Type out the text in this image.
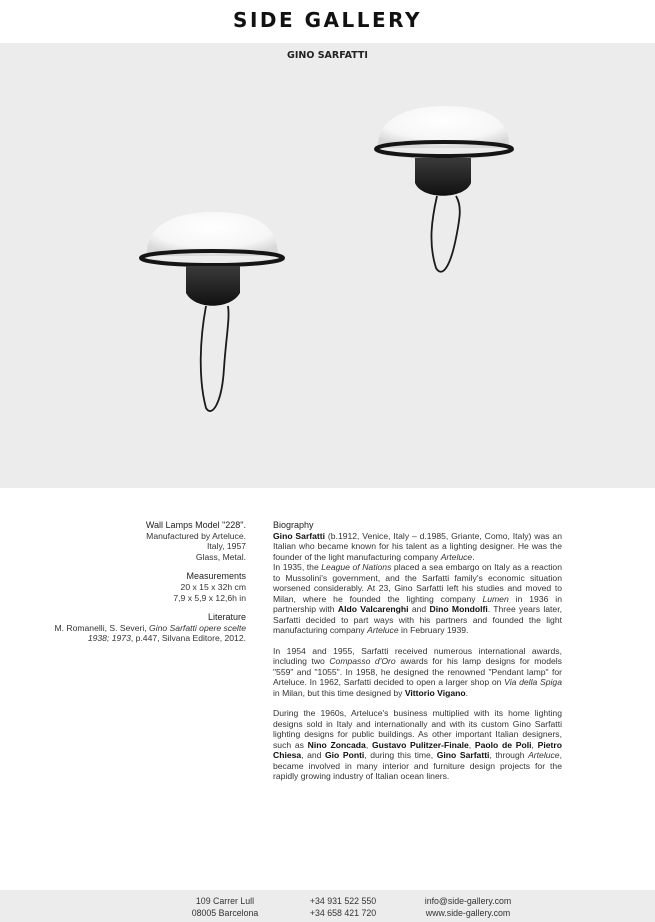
SIDE GALLERY
GINO SARFATTI
Wall Lamps Model "228".
Manufactured by Arteluce.
Italy, 1957
Glass, Metal.
Measurements
20 x 15 x 32h cm
7,9 x 5,9 x 12,6h in
Literature
M. Romanelli, S. Severi, Gino Sarfatti opere scelte 1938; 1973, p.447, Silvana Editore, 2012.
Biography

Gino Sarfatti (b.1912, Venice, Italy – d.1985, Griante, Como, Italy) was an Italian who became known for his talent as a lighting designer. He was the founder of the light manufacturing company Arteluce.

In 1935, the League of Nations placed a sea embargo on Italy as a reaction to Mussolini's government, and the Sarfatti family's economic situation worsened considerably. At 23, Gino Sarfatti left his studies and moved to Milan, where he founded the lighting company Lumen in 1936 in partnership with Aldo Valcarenghi and Dino Mondolfi. Three years later, Sarfatti decided to part ways with his partners and founded the light manufacturing company Arteluce in February 1939.

In 1954 and 1955, Sarfatti received numerous international awards, including two Compasso d'Oro awards for his lamp designs for models "559" and "1055". In 1958, he designed the renowned "Pendant lamp" for Arteluce. In 1962, Sarfatti decided to open a larger shop on Via della Spiga in Milan, but this time designed by Vittorio Vigano.

During the 1960s, Arteluce's business multiplied with its home lighting designs sold in Italy and internationally and with its custom Gino Sarfatti lighting designs for public buildings. As other important Italian designers, such as Nino Zoncada, Gustavo Pulitzer-Finale, Paolo de Poli, Pietro Chiesa, and Gio Ponti, during this time, Gino Sarfatti, through Arteluce, became involved in many interior and furniture design projects for the rapidly growing industry of Italian ocean liners.

109 Carrer Lull
08005 Barcelona
+34 931 522 550
+34 658 421 720
info@side-gallery.com
www.side-gallery.com
